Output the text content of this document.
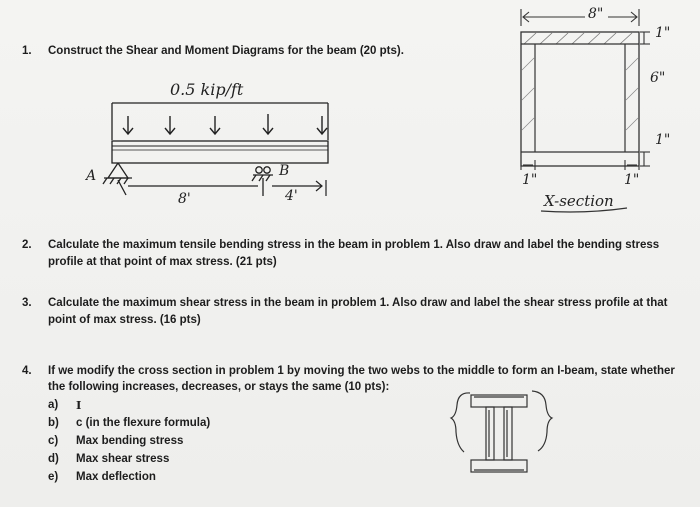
1. Construct the Shear and Moment Diagrams for the beam (20 pts).
0.5 kip/ft
A	B
8'	4'
8"
1"
6"
1"
1"	1"
X-section
2. Calculate the maximum tensile bending stress in the beam in problem 1. Also draw and label the bending stress
profile at that point of max stress. (21 pts)
3. Calculate the maximum shear stress in the beam in problem 1. Also draw and label the shear stress profile at that
point of max stress. (16 pts)
4. If we modify the cross section in problem 1 by moving the two webs to the middle to form an I-beam, state whether
the following increases, decreases, or stays the same (10 pts):
a) I
b) c (in the flexure formula)
c) Max bending stress
d) Max shear stress
e) Max deflection
